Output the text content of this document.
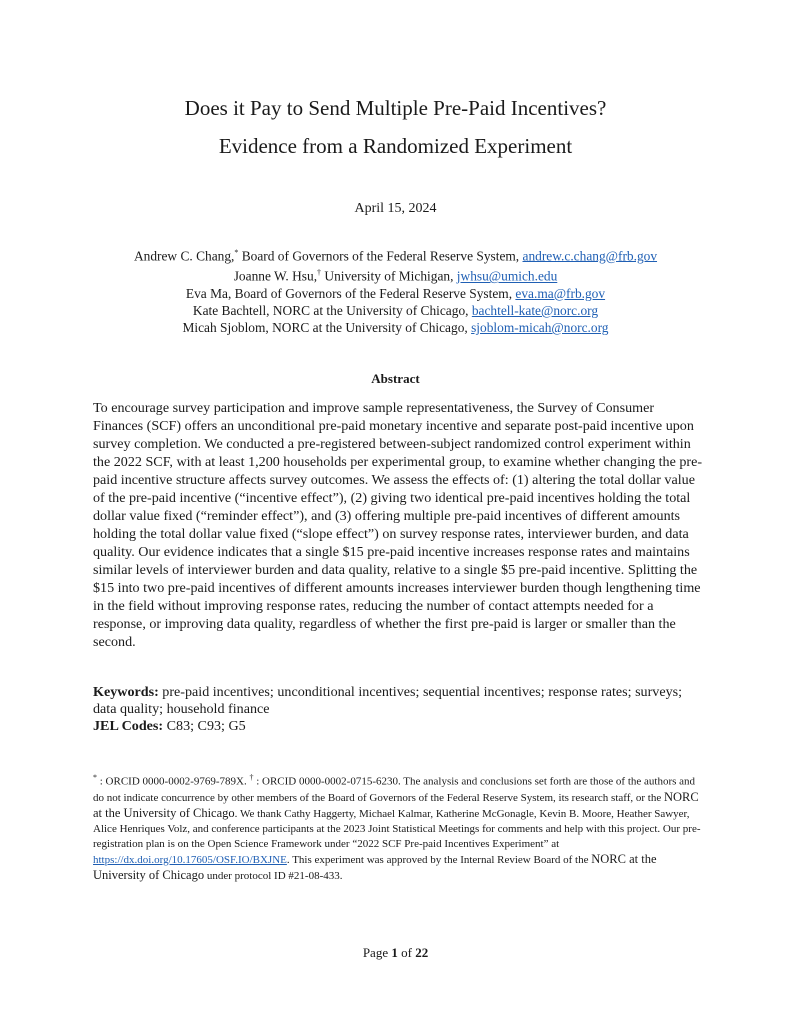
Does it Pay to Send Multiple Pre-Paid Incentives?
Evidence from a Randomized Experiment
April 15, 2024
Andrew C. Chang,* Board of Governors of the Federal Reserve System, andrew.c.chang@frb.gov
Joanne W. Hsu,† University of Michigan, jwhsu@umich.edu
Eva Ma, Board of Governors of the Federal Reserve System, eva.ma@frb.gov
Kate Bachtell, NORC at the University of Chicago, bachtell-kate@norc.org
Micah Sjoblom, NORC at the University of Chicago, sjoblom-micah@norc.org
Abstract

To encourage survey participation and improve sample representativeness, the Survey of Consumer Finances (SCF) offers an unconditional pre-paid monetary incentive and separate post-paid incentive upon survey completion. We conducted a pre-registered between-subject randomized control experiment within the 2022 SCF, with at least 1,200 households per experimental group, to examine whether changing the pre-paid incentive structure affects survey outcomes. We assess the effects of: (1) altering the total dollar value of the pre-paid incentive (“incentive effect”), (2) giving two identical pre-paid incentives holding the total dollar value fixed (“reminder effect”), and (3) offering multiple pre-paid incentives of different amounts holding the total dollar value fixed (“slope effect”) on survey response rates, interviewer burden, and data quality. Our evidence indicates that a single $15 pre-paid incentive increases response rates and maintains similar levels of interviewer burden and data quality, relative to a single $5 pre-paid incentive. Splitting the $15 into two pre-paid incentives of different amounts increases interviewer burden though lengthening time in the field without improving response rates, reducing the number of contact attempts needed for a response, or improving data quality, regardless of whether the first pre-paid is larger or smaller than the second.

Keywords: pre-paid incentives; unconditional incentives; sequential incentives; response rates; surveys; data quality; household finance
JEL Codes: C83; C93; G5

* : ORCID 0000-0002-9769-789X. † : ORCID 0000-0002-0715-6230. The analysis and conclusions set forth are those of the authors and do not indicate concurrence by other members of the Board of Governors of the Federal Reserve System, its research staff, or the NORC at the University of Chicago. We thank Cathy Haggerty, Michael Kalmar, Katherine McGonagle, Kevin B. Moore, Heather Sawyer, Alice Henriques Volz, and conference participants at the 2023 Joint Statistical Meetings for comments and help with this project. Our pre-registration plan is on the Open Science Framework under “2022 SCF Pre-paid Incentives Experiment” at https://dx.doi.org/10.17605/OSF.IO/BXJNE. This experiment was approved by the Internal Review Board of the NORC at the University of Chicago under protocol ID #21-08-433.

Page 1 of 22
